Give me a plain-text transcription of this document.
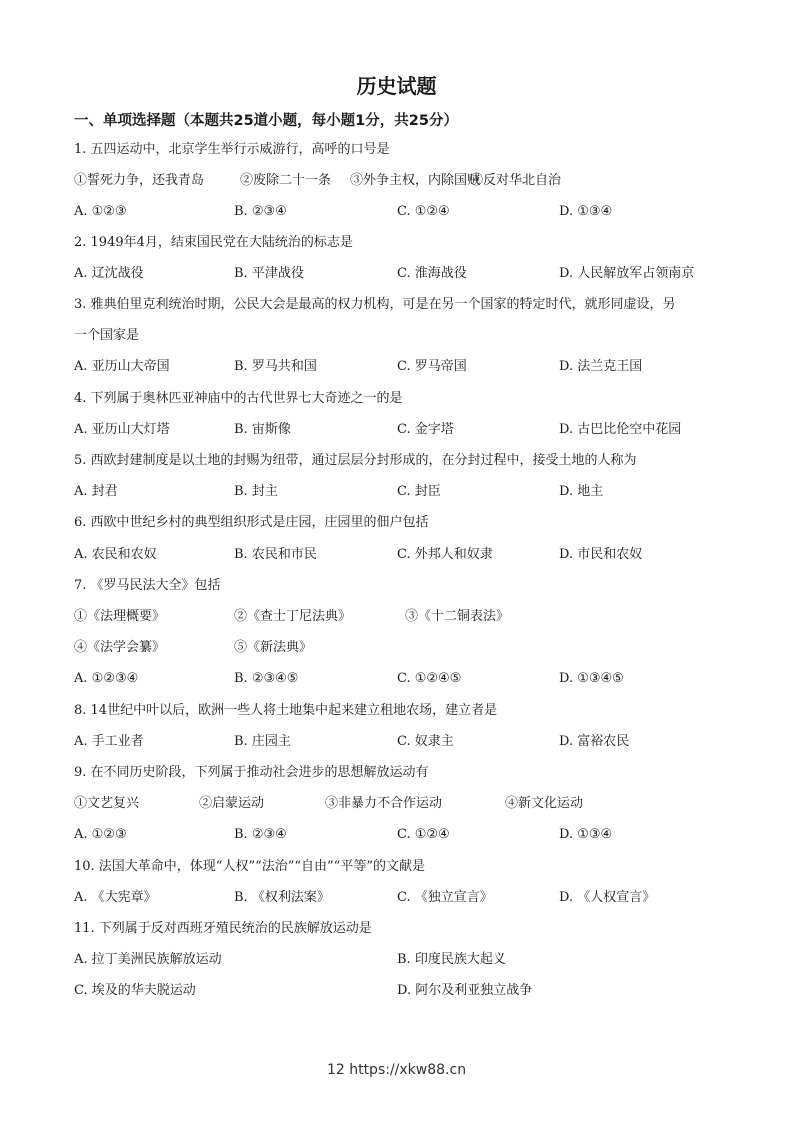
历史试题
一、单项选择题（本题共25道小题，每小题1分，共25分）
1. 五四运动中，北京学生举行示威游行，高呼的口号是
①誓死力争，还我青岛	②废除二十一条 ③外争主权，内除国贼
④反对华北自治
A. ①②③	B. ②③④	C. ①②④	D. ①③④
2. 1949年4月，结束国民党在大陆统治的标志是
A. 辽沈战役	B. 平津战役	C. 淮海战役	D. 人民解放军占领南京
3. 雅典伯里克利统治时期，公民大会是最高的权力机构，可是在另一个国家的特定时代，就形同虚设，另
一个国家是
A. 亚历山大帝国	B. 罗马共和国	C. 罗马帝国	D. 法兰克王国
4. 下列属于奥林匹亚神庙中的古代世界七大奇迹之一的是
A. 亚历山大灯塔	B. 宙斯像	C. 金字塔	D. 古巴比伦空中花园
5. 西欧封建制度是以土地的封赐为纽带，通过层层分封形成的，在分封过程中，接受土地的人称为
A. 封君	B. 封主	C. 封臣	D. 地主
6. 西欧中世纪乡村的典型组织形式是庄园，庄园里的佃户包括
A. 农民和农奴	B. 农民和市民	C. 外邦人和奴隶	D. 市民和农奴
7. 《罗马民法大全》包括
①《法理概要》	②《查士丁尼法典》	③《十二铜表法》
④《法学会纂》	⑤《新法典》
A. ①②③④	B. ②③④⑤	C. ①②④⑤	D. ①③④⑤
8. 14世纪中叶以后，欧洲一些人将土地集中起来建立租地农场，建立者是
A. 手工业者	B. 庄园主	C. 奴隶主	D. 富裕农民
9. 在不同历史阶段，下列属于推动社会进步的思想解放运动有
①文艺复兴	②启蒙运动	③非暴力不合作运动	④新文化运动
A. ①②③	B. ②③④	C. ①②④	D. ①③④
10. 法国大革命中，体现“人权”“法治”“自由”“平等”的文献是
A. 《大宪章》	B. 《权利法案》	C. 《独立宣言》	D. 《人权宣言》
11. 下列属于反对西班牙殖民统治的民族解放运动是
A. 拉丁美洲民族解放运动	B. 印度民族大起义
C. 埃及的华夫脱运动	D. 阿尔及利亚独立战争
12 https://xkw88.cn
